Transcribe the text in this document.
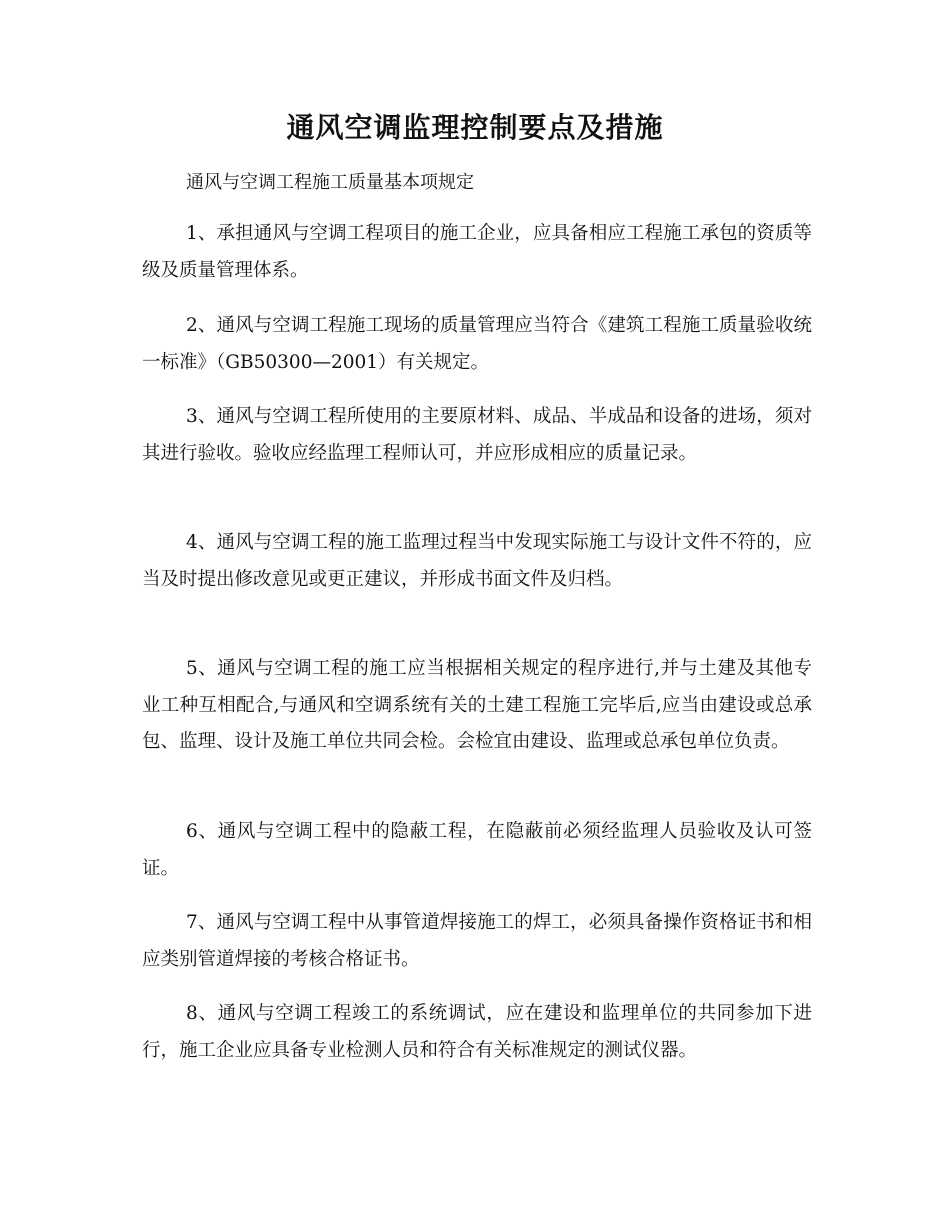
通风空调监理控制要点及措施

通风与空调工程施工质量基本项规定

1、承担通风与空调工程项目的施工企业，应具备相应工程施工承包的资质等级及质量管理体系。

2、通风与空调工程施工现场的质量管理应当符合《建筑工程施工质量验收统一标准》（GB50300—2001）有关规定。

3、通风与空调工程所使用的主要原材料、成品、半成品和设备的进场，须对其进行验收。验收应经监理工程师认可，并应形成相应的质量记录。

4、通风与空调工程的施工监理过程当中发现实际施工与设计文件不符的，应当及时提出修改意见或更正建议，并形成书面文件及归档。

5、通风与空调工程的施工应当根据相关规定的程序进行,并与土建及其他专业工种互相配合,与通风和空调系统有关的土建工程施工完毕后,应当由建设或总承包、监理、设计及施工单位共同会检。会检宜由建设、监理或总承包单位负责。

6、通风与空调工程中的隐蔽工程，在隐蔽前必须经监理人员验收及认可签证。

7、通风与空调工程中从事管道焊接施工的焊工，必须具备操作资格证书和相应类别管道焊接的考核合格证书。

8、通风与空调工程竣工的系统调试，应在建设和监理单位的共同参加下进行，施工企业应具备专业检测人员和符合有关标准规定的测试仪器。
